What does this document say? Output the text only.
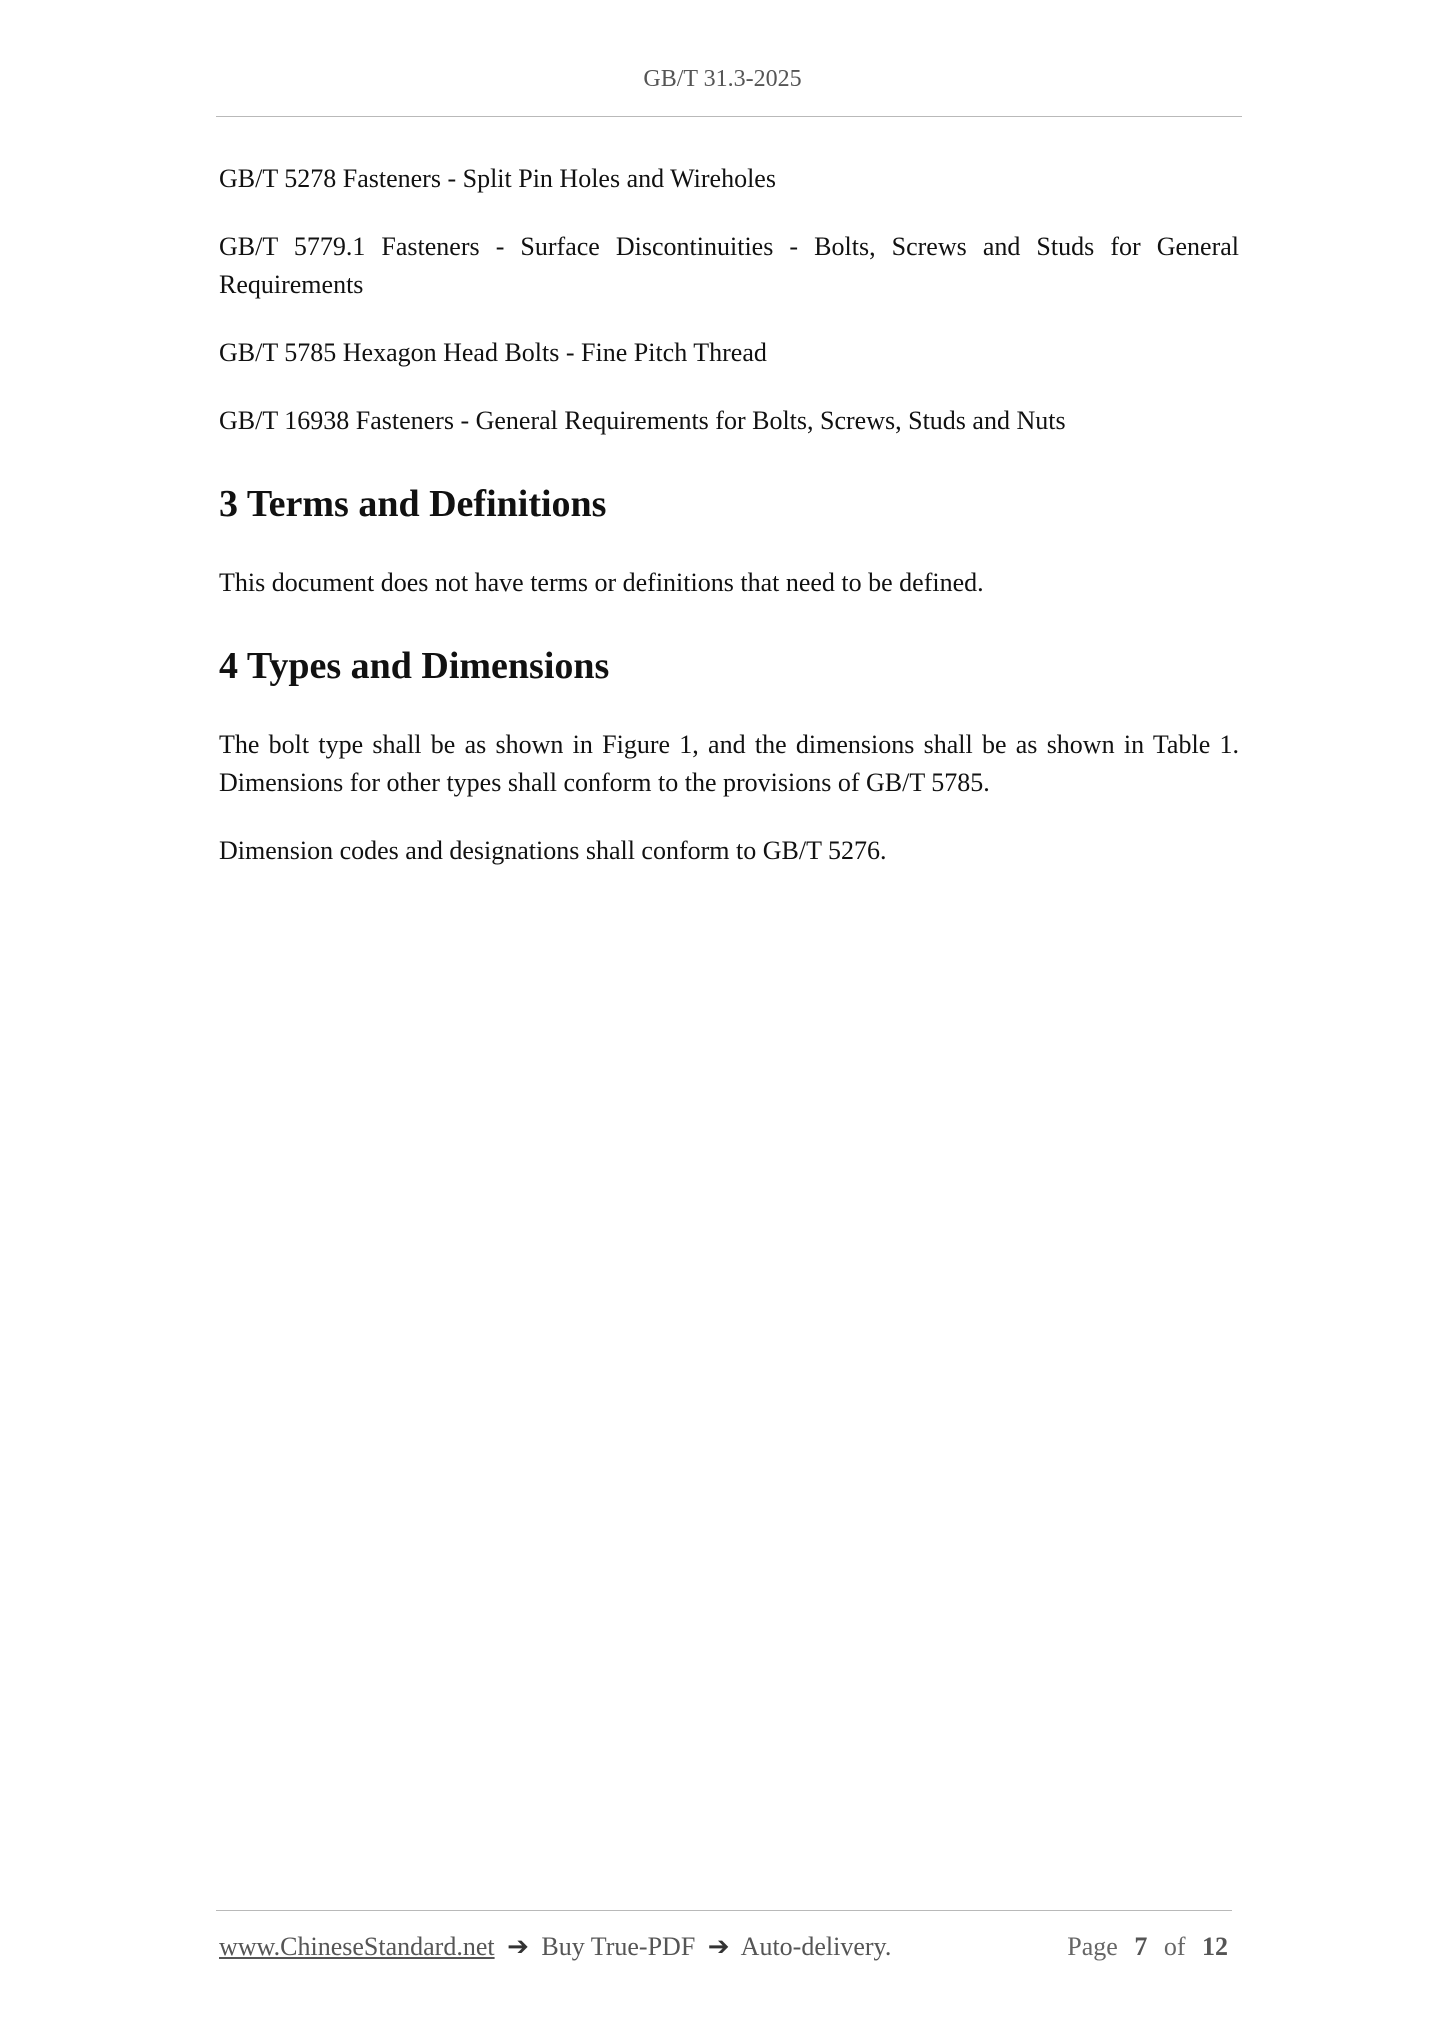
GB/T 31.3-2025

GB/T 5278 Fasteners - Split Pin Holes and Wireholes

GB/T 5779.1 Fasteners - Surface Discontinuities - Bolts, Screws and Studs for General Requirements

GB/T 5785 Hexagon Head Bolts - Fine Pitch Thread

GB/T 16938 Fasteners - General Requirements for Bolts, Screws, Studs and Nuts

3 Terms and Definitions

This document does not have terms or definitions that need to be defined.

4 Types and Dimensions

The bolt type shall be as shown in Figure 1, and the dimensions shall be as shown in Table 1. Dimensions for other types shall conform to the provisions of GB/T 5785.

Dimension codes and designations shall conform to GB/T 5276.

www.ChineseStandard.net ➔ Buy True-PDF ➔ Auto-delivery.	Page 7 of 12
